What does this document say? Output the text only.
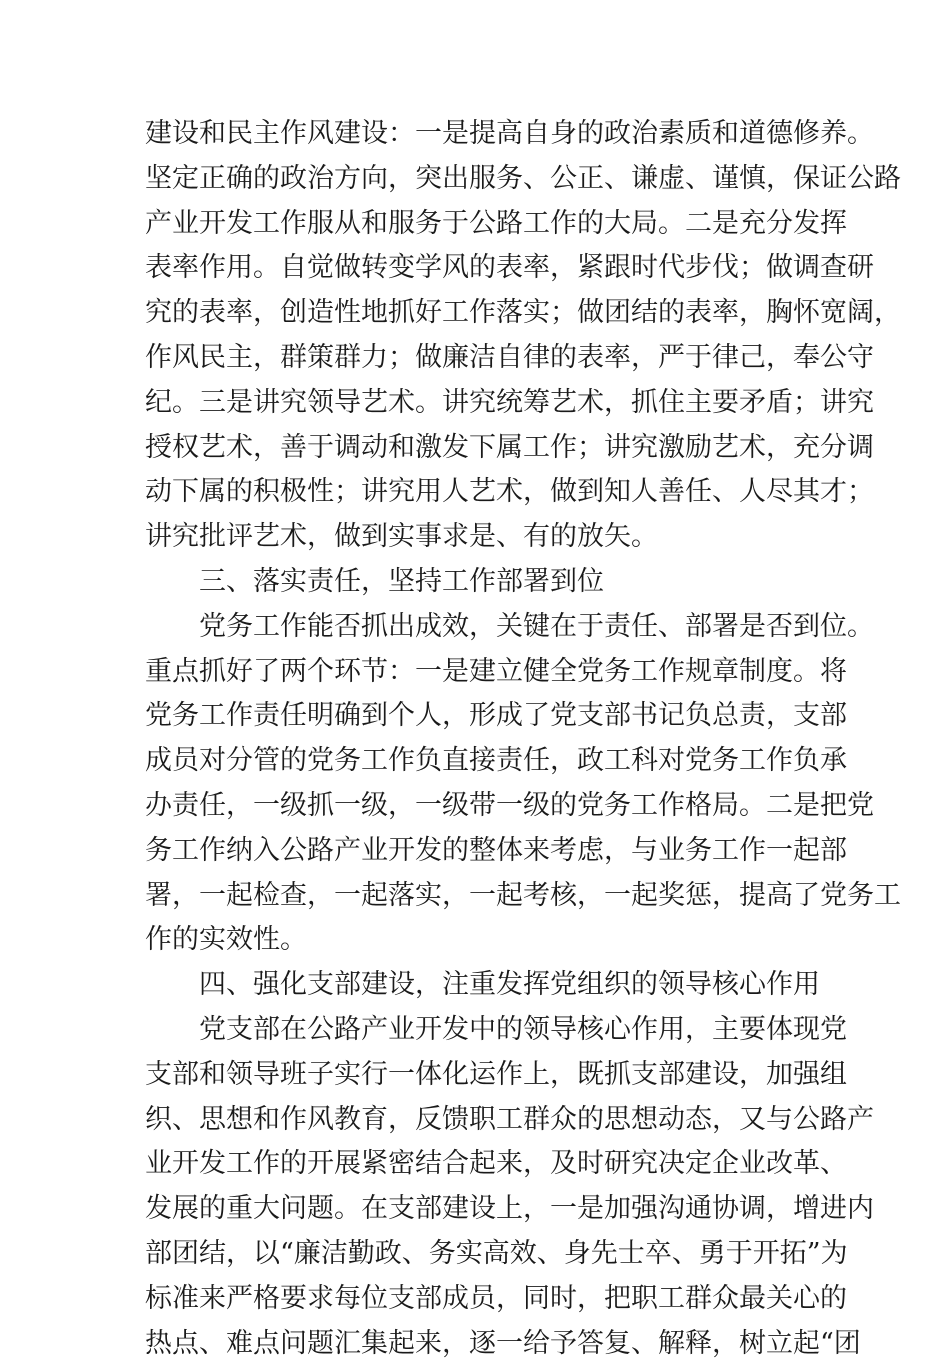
建设和民主作风建设：一是提高自身的政治素质和道德修养。
坚定正确的政治方向，突出服务、公正、谦虚、谨慎，保证公路
产业开发工作服从和服务于公路工作的大局。二是充分发挥
表率作用。自觉做转变学风的表率，紧跟时代步伐；做调查研
究的表率，创造性地抓好工作落实；做团结的表率，胸怀宽阔，
作风民主，群策群力；做廉洁自律的表率，严于律己，奉公守
纪。三是讲究领导艺术。讲究统筹艺术，抓住主要矛盾；讲究
授权艺术，善于调动和激发下属工作；讲究激励艺术，充分调
动下属的积极性；讲究用人艺术，做到知人善任、人尽其才；
讲究批评艺术，做到实事求是、有的放矢。
三、落实责任，坚持工作部署到位
党务工作能否抓出成效，关键在于责任、部署是否到位。
重点抓好了两个环节：一是建立健全党务工作规章制度。将
党务工作责任明确到个人，形成了党支部书记负总责，支部
成员对分管的党务工作负直接责任，政工科对党务工作负承
办责任，一级抓一级，一级带一级的党务工作格局。二是把党
务工作纳入公路产业开发的整体来考虑，与业务工作一起部
署，一起检查，一起落实，一起考核，一起奖惩，提高了党务工
作的实效性。
四、强化支部建设，注重发挥党组织的领导核心作用
党支部在公路产业开发中的领导核心作用，主要体现党
支部和领导班子实行一体化运作上，既抓支部建设，加强组
织、思想和作风教育，反馈职工群众的思想动态，又与公路产
业开发工作的开展紧密结合起来，及时研究决定企业改革、
发展的重大问题。在支部建设上，一是加强沟通协调，增进内
部团结，以“廉洁勤政、务实高效、身先士卒、勇于开拓”为
标准来严格要求每位支部成员，同时，把职工群众最关心的
热点、难点问题汇集起来，逐一给予答复、解释，树立起“团
